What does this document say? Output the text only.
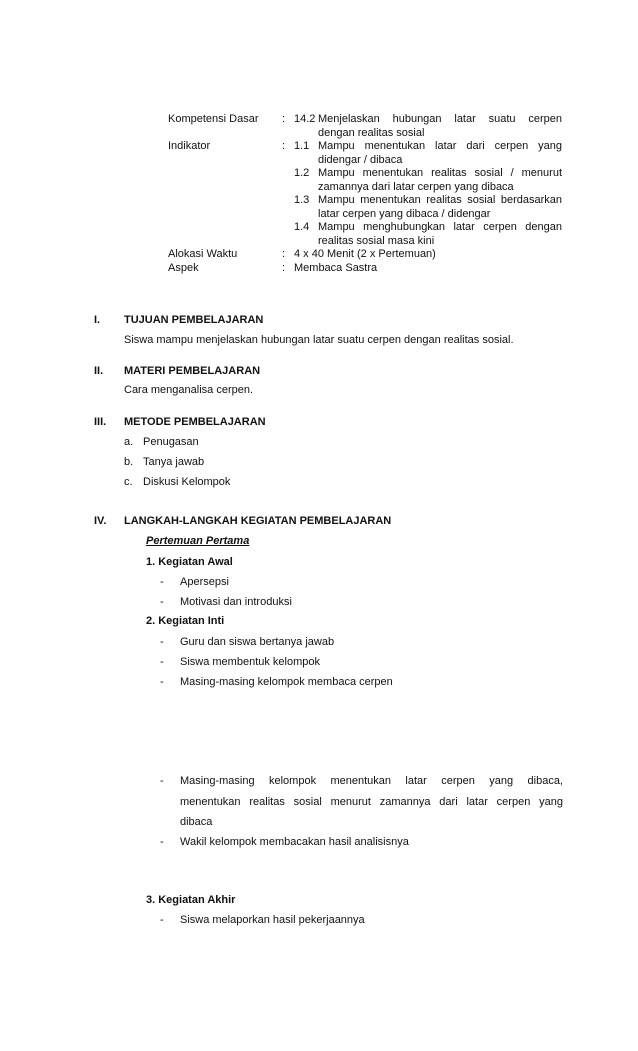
Kompetensi Dasar : 14.2 Menjelaskan hubungan latar suatu cerpen
dengan realitas sosial
Indikator	: 1.1 Mampu menentukan latar dari cerpen yang
didengar / dibaca
1.2 Mampu menentukan realitas sosial / menurut
zamannya dari latar cerpen yang dibaca
1.3 Mampu menentukan realitas sosial berdasarkan
latar cerpen yang dibaca / didengar
1.4 Mampu menghubungkan latar cerpen dengan
realitas sosial masa kini
Alokasi Waktu	: 4 x 40 Menit (2 x Pertemuan)
Aspek	: Membaca Sastra
I. TUJUAN PEMBELAJARAN
Siswa mampu menjelaskan hubungan latar suatu cerpen dengan realitas sosial.
II. MATERI PEMBELAJARAN
Cara menganalisa cerpen.
III. METODE PEMBELAJARAN
a. Penugasan
b. Tanya jawab
c. Diskusi Kelompok
IV. LANGKAH-LANGKAH KEGIATAN PEMBELAJARAN
Pertemuan Pertama
1. Kegiatan Awal
- Apersepsi
- Motivasi dan introduksi
2. Kegiatan Inti
- Guru dan siswa bertanya jawab
- Siswa membentuk kelompok
- Masing-masing kelompok membaca cerpen
- Masing-masing kelompok menentukan latar cerpen yang dibaca,
menentukan realitas sosial menurut zamannya dari latar cerpen yang
dibaca
- Wakil kelompok membacakan hasil analisisnya
3. Kegiatan Akhir
- Siswa melaporkan hasil pekerjaannya
